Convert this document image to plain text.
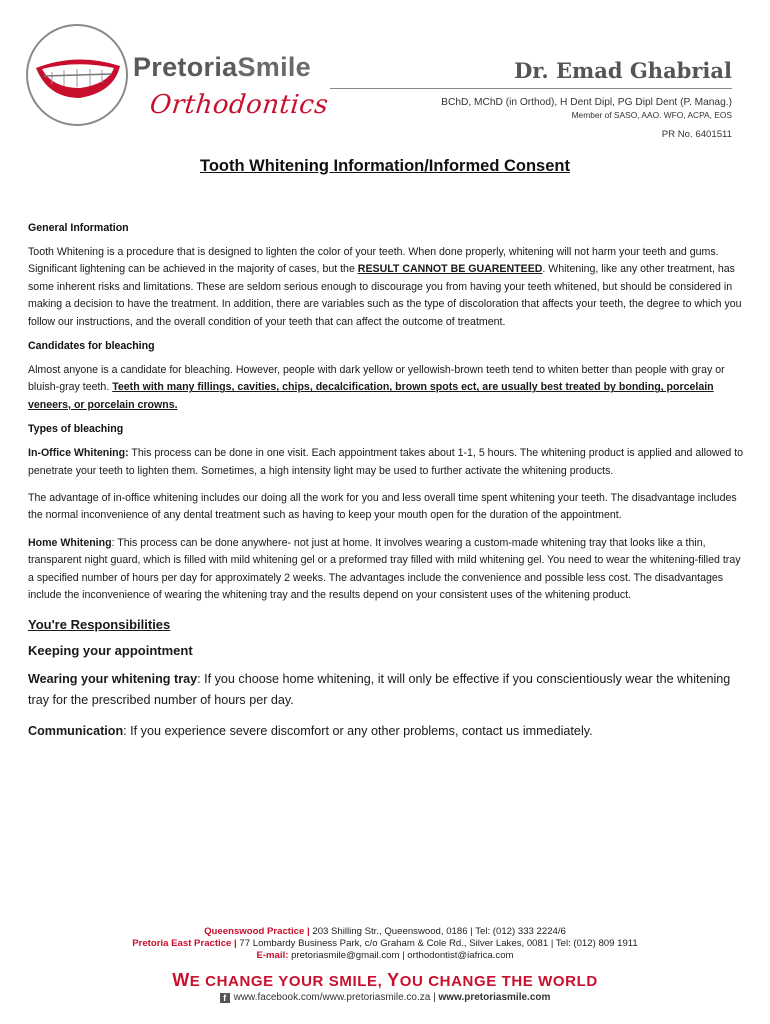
PretoriaSmile
Orthodontics
Dr. Emad Ghabrial
BChD, MChD (in Orthod), H Dent Dipl, PG Dipl Dent (P. Manag.)
Member of SASO, AAO. WFO, ACPA, EOS
PR No. 6401511
Tooth Whitening Information/Informed Consent
General Information

Tooth Whitening is a procedure that is designed to lighten the color of your teeth. When done properly, whitening will not harm your teeth and gums. Significant lightening can be achieved in the majority of cases, but the RESULT CANNOT BE GUARENTEED. Whitening, like any other treatment, has some inherent risks and limitations. These are seldom serious enough to discourage you from having your teeth whitened, but should be considered in making a decision to have the treatment. In addition, there are variables such as the type of discoloration that affects your teeth, the degree to which you follow our instructions, and the overall condition of your teeth that can affect the outcome of treatment.

Candidates for bleaching

Almost anyone is a candidate for bleaching. However, people with dark yellow or yellowish-brown teeth tend to whiten better than people with gray or bluish-gray teeth. Teeth with many fillings, cavities, chips, decalcification, brown spots ect, are usually best treated by bonding, porcelain veneers, or porcelain crowns.

Types of bleaching

In-Office Whitening: This process can be done in one visit. Each appointment takes about 1-1, 5 hours. The whitening product is applied and allowed to penetrate your teeth to lighten them. Sometimes, a high intensity light may be used to further activate the whitening products.

The advantage of in-office whitening includes our doing all the work for you and less overall time spent whitening your teeth. The disadvantage includes the normal inconvenience of any dental treatment such as having to keep your mouth open for the duration of the appointment.

Home Whitening: This process can be done anywhere- not just at home. It involves wearing a custom-made whitening tray that looks like a thin, transparent night guard, which is filled with mild whitening gel or a preformed tray filled with mild whitening gel. You need to wear the whitening-filled tray a specified number of hours per day for approximately 2 weeks. The advantages include the convenience and possible less cost. The disadvantages include the inconvenience of wearing the whitening tray and the results depend on your consistent uses of the whitening product.

You're Responsibilities
Keeping your appointment

Wearing your whitening tray: If you choose home whitening, it will only be effective if you conscientiously wear the whitening tray for the prescribed number of hours per day.

Communication: If you experience severe discomfort or any other problems, contact us immediately.

Queenswood Practice | 203 Shilling Str., Queenswood, 0186 | Tel: (012) 333 2224/6
Pretoria East Practice | 77 Lombardy Business Park, c/o Graham & Cole Rd., Silver Lakes, 0081 | Tel: (012) 809 1911
E-mail: pretoriasmile@gmail.com | orthodontist@iafrica.com
WE CHANGE YOUR SMILE, YOU CHANGE THE WORLD
f www.facebook.com/www.pretoriasmile.co.za | www.pretoriasmile.com
